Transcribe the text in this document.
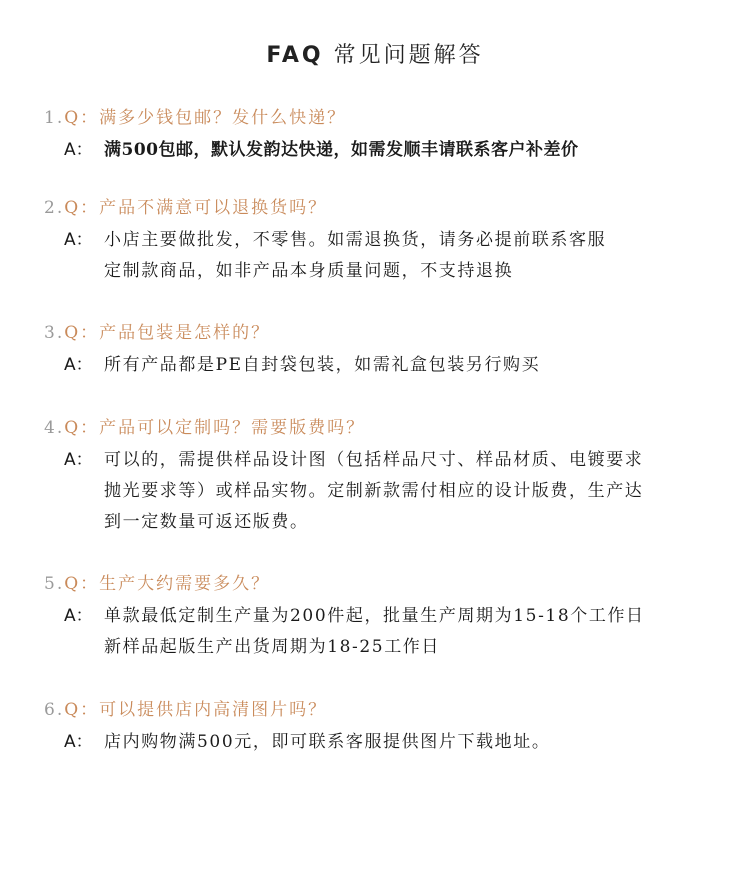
FAQ 常见问题解答
1.Q：满多少钱包邮？发什么快递？
A： 满500包邮，默认发韵达快递，如需发顺丰请联系客户补差价
2.Q：产品不满意可以退换货吗？
A： 小店主要做批发，不零售。如需退换货，请务必提前联系客服
定制款商品，如非产品本身质量问题，不支持退换
3.Q：产品包装是怎样的？
A： 所有产品都是PE自封袋包装，如需礼盒包装另行购买
4.Q：产品可以定制吗？需要版费吗？
A： 可以的，需提供样品设计图（包括样品尺寸、样品材质、电镀要求
抛光要求等）或样品实物。定制新款需付相应的设计版费，生产达
到一定数量可返还版费。
5.Q：生产大约需要多久？
A： 单款最低定制生产量为200件起，批量生产周期为15-18个工作日
新样品起版生产出货周期为18-25工作日
6.Q：可以提供店内高清图片吗？
A： 店内购物满500元，即可联系客服提供图片下载地址。
